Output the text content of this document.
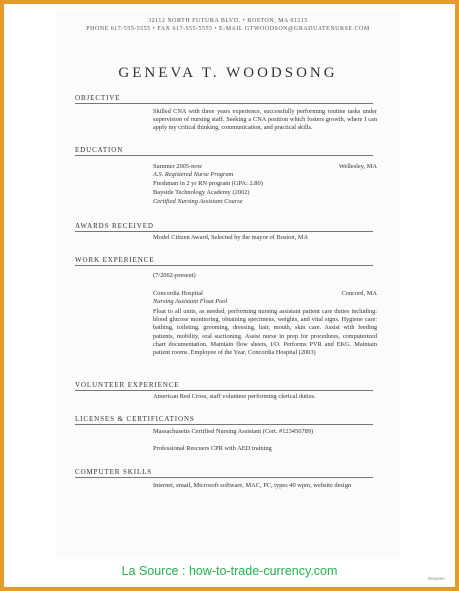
32112 NORTH FUTURA BLVD. • BOSTON, MA 01215
PHONE 617-555-5555 • FAX 617-555-5555 • E-MAIL GTWOODSON@GRADUATENURSE.COM
GENEVA T. WOODSONG
OBJECTIVE
Skilled CNA with three years experience, successfully performing routine tasks under supervision of nursing staff. Seeking a CNA position which fosters growth, where I can apply my critical thinking, communication, and practical skills.
EDUCATION
Summer 2005-now	Wellesley, MA
A.S. Registered Nurse Program
Freshman in 2 yr RN program (GPA: 2.80)
Bayside Technology Academy (2002)
Certified Nursing Assistant Course
AWARDS RECEIVED
Model Citizen Award, Selected by the mayor of Boston, MA
WORK EXPERIENCE
(7/2002-present)
Concordia Hospital	Concord, MA
Nursing Assistant Float Pool
Float to all units, as needed, performing nursing assistant patient care duties including: blood glucose monitoring, obtaining specimens, weights, and vital signs. Hygiene care: bathing, toileting, grooming, dressing, hair, mouth, skin care. Assist with feeding patients, mobility, oral suctioning. Assist nurse in prep for procedures, computerized chart documentation. Maintain flow sheets, I/O. Performs PVR and EKG. Maintain patient rooms. Employee of the Year, Concordia Hospital (2003)
VOLUNTEER EXPERIENCE
American Red Cross, staff volunteer performing clerical duties.
LICENSES & CERTIFICATIONS
Massachusetts Certified Nursing Assistant (Cert. #123456789)
Professional Rescuers CPR with AED training
COMPUTER SKILLS
Internet, email, Microsoft software, MAC, PC, types 40 wpm, website design
La Source : how-to-trade-currency.com
Resume
